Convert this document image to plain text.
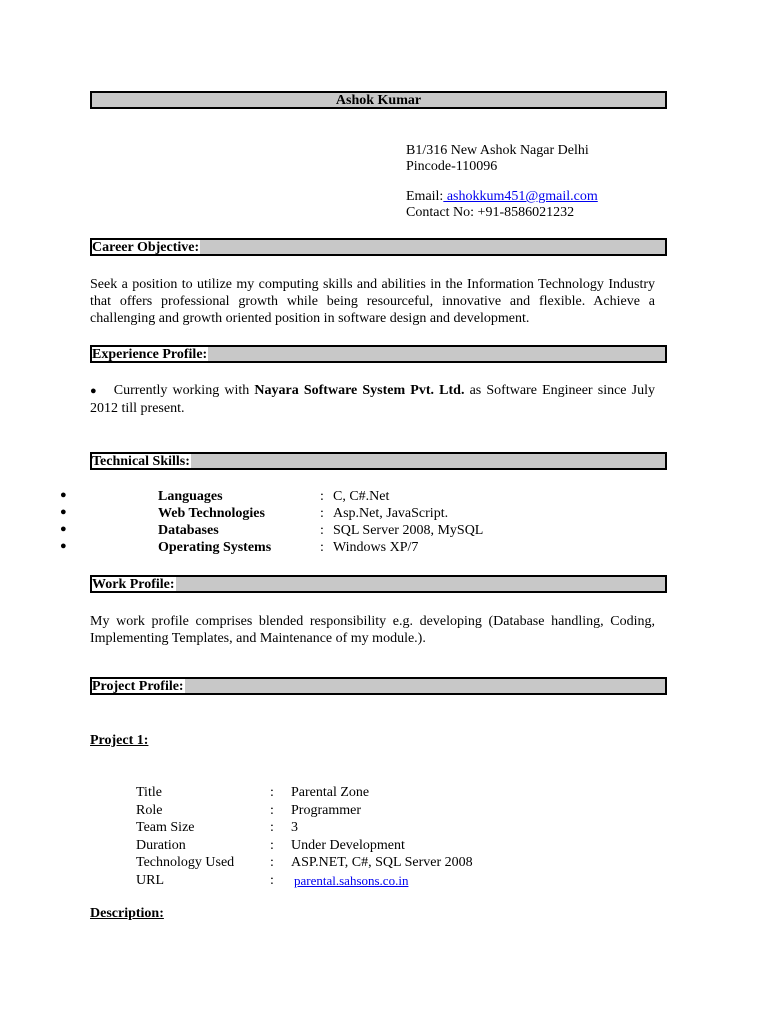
Ashok Kumar
B1/316 New Ashok Nagar Delhi
Pincode-110096
Email: ashokkum451@gmail.com
Contact No: +91-8586021232
Career Objective:
Seek a position to utilize my computing skills and abilities in the Information Technology Industry that offers professional growth while being resourceful, innovative and flexible. Achieve a challenging and growth oriented position in software design and development.
Experience Profile:
● Currently working with Nayara Software System Pvt. Ltd. as Software Engineer since July 2012 till present.
Technical Skills:
●	Languages	: C, C#.Net
●	Web Technologies	: Asp.Net, JavaScript.
●	Databases	: SQL Server 2008, MySQL
●	Operating Systems	: Windows XP/7
Work Profile:
My work profile comprises blended responsibility e.g. developing (Database handling, Coding, Implementing Templates, and Maintenance of my module.).
Project Profile:
Project 1:
Title	: Parental Zone
Role	: Programmer
Team Size	: 3
Duration	: Under Development
Technology Used	: ASP.NET, C#, SQL Server 2008
URL	: parental.sahsons.co.in
Description:
